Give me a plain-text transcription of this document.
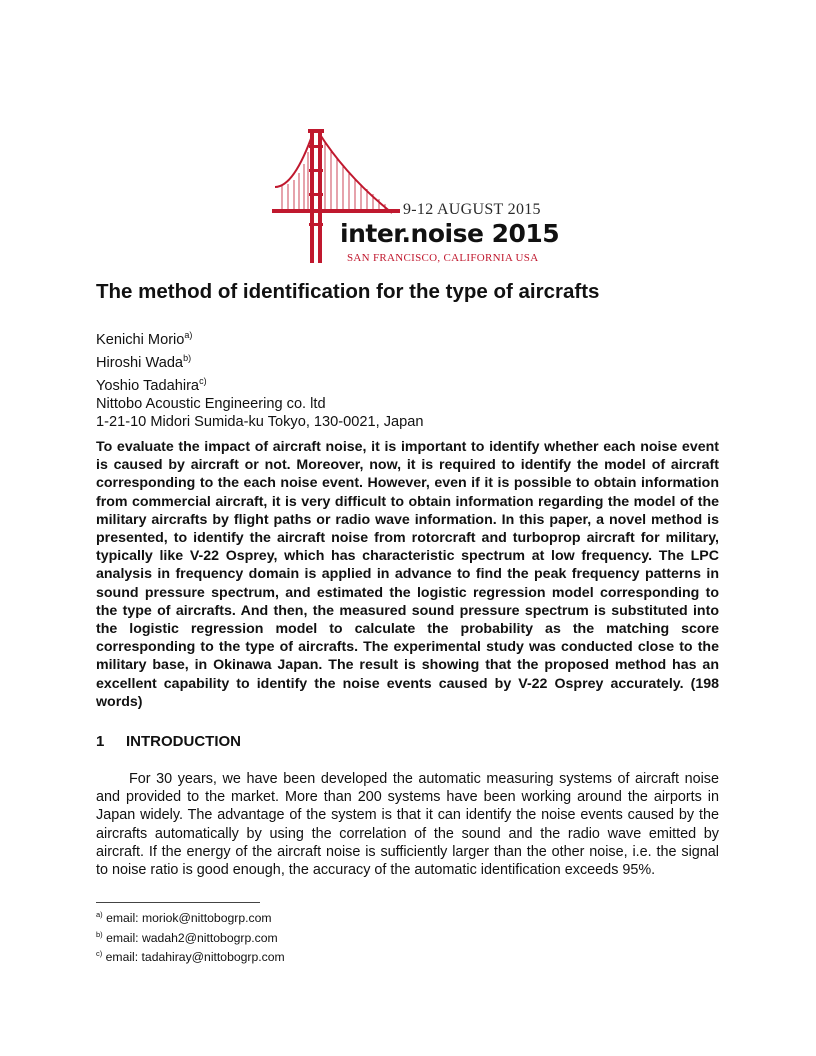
9-12 AUGUST 2015
inter.noise 2015
SAN FRANCISCO, CALIFORNIA USA
The method of identification for the type of aircrafts
Kenichi Morio$^{a)}$
Hiroshi Wada$^{b)}$
Yoshio Tadahira$^{c)}$
Nittobo Acoustic Engineering co. ltd
1-21-10 Midori Sumida-ku Tokyo, 130-0021, Japan

To evaluate the impact of aircraft noise, it is important to identify whether each noise event is caused by aircraft or not. Moreover, now, it is required to identify the model of aircraft corresponding to the each noise event. However, even if it is possible to obtain information from commercial aircraft, it is very difficult to obtain information regarding the model of the military aircrafts by flight paths or radio wave information. In this paper, a novel method is presented, to identify the aircraft noise from rotorcraft and turboprop aircraft for military, typically like V-22 Osprey, which has characteristic spectrum at low frequency. The LPC analysis in frequency domain is applied in advance to find the peak frequency patterns in sound pressure spectrum, and estimated the logistic regression model corresponding to the type of aircrafts. And then, the measured sound pressure spectrum is substituted into the logistic regression model to calculate the probability as the matching score corresponding to the type of aircrafts. The experimental study was conducted close to the military base, in Okinawa Japan. The result is showing that the proposed method has an excellent capability to identify the noise events caused by V-22 Osprey accurately. (198 words)

1 INTRODUCTION

For 30 years, we have been developed the automatic measuring systems of aircraft noise and provided to the market. More than 200 systems have been working around the airports in Japan widely. The advantage of the system is that it can identify the noise events caused by the aircrafts automatically by using the correlation of the sound and the radio wave emitted by aircraft. If the energy of the aircraft noise is sufficiently larger than the other noise, i.e. the signal to noise ratio is good enough, the accuracy of the automatic identification exceeds 95%.

$^{a)}$ email: moriok@nittobogrp.com
$^{b)}$ email: wadah2@nittobogrp.com
$^{c)}$ email: tadahiray@nittobogrp.com
